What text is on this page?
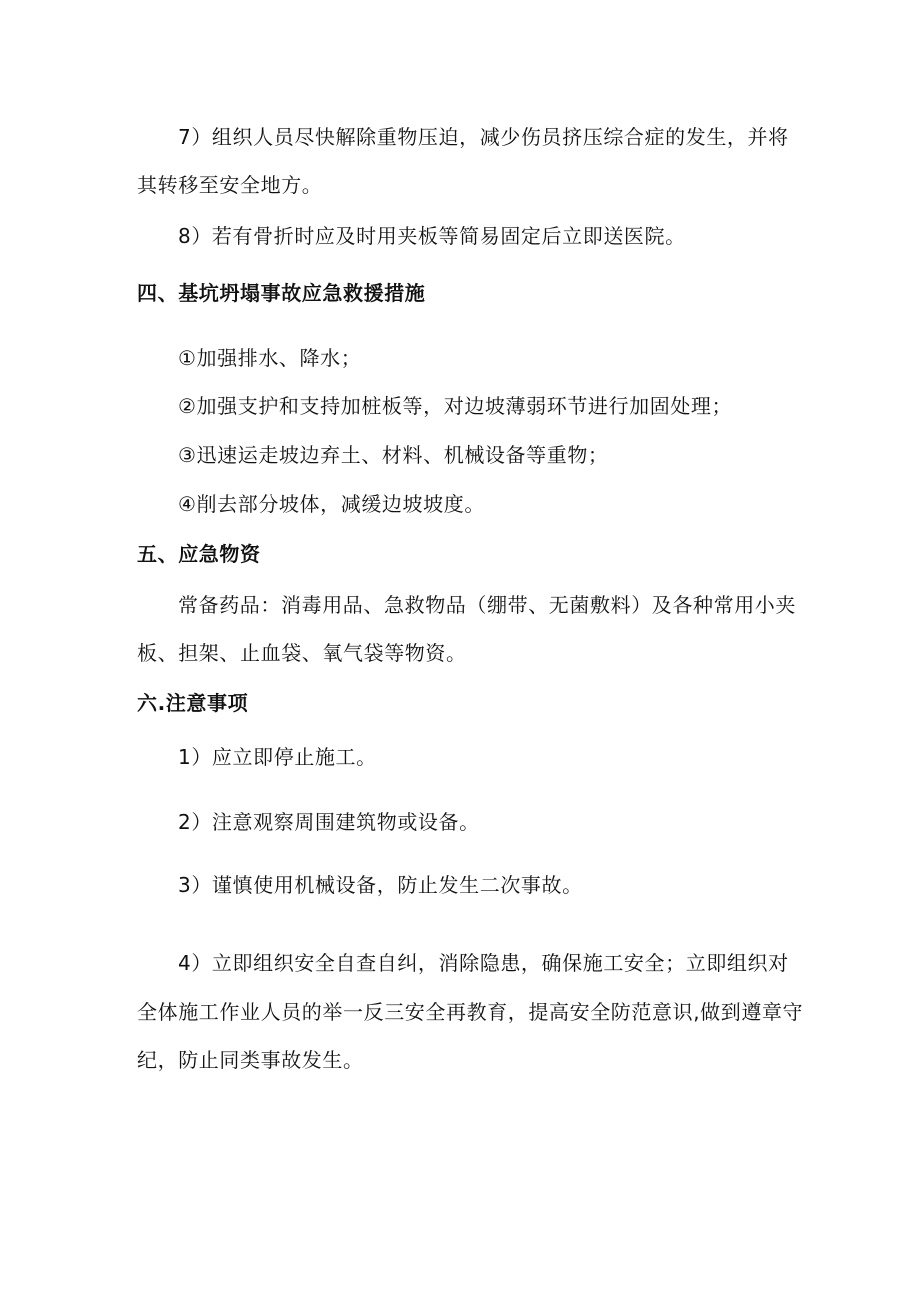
7）组织人员尽快解除重物压迫，减少伤员挤压综合症的发生，并将
其转移至安全地方。
8）若有骨折时应及时用夹板等简易固定后立即送医院。
四、基坑坍塌事故应急救援措施
①加强排水、降水；
②加强支护和支持加桩板等，对边坡薄弱环节进行加固处理；
③迅速运走坡边弃土、材料、机械设备等重物；
④削去部分坡体，减缓边坡坡度。
五、应急物资
常备药品：消毒用品、急救物品（绷带、无菌敷料）及各种常用小夹
板、担架、止血袋、氧气袋等物资。
六.注意事项
1）应立即停止施工。
2）注意观察周围建筑物或设备。
3）谨慎使用机械设备，防止发生二次事故。
4）立即组织安全自查自纠，消除隐患，确保施工安全；立即组织对
全体施工作业人员的举一反三安全再教育，提高安全防范意识,做到遵章守
纪，防止同类事故发生。
